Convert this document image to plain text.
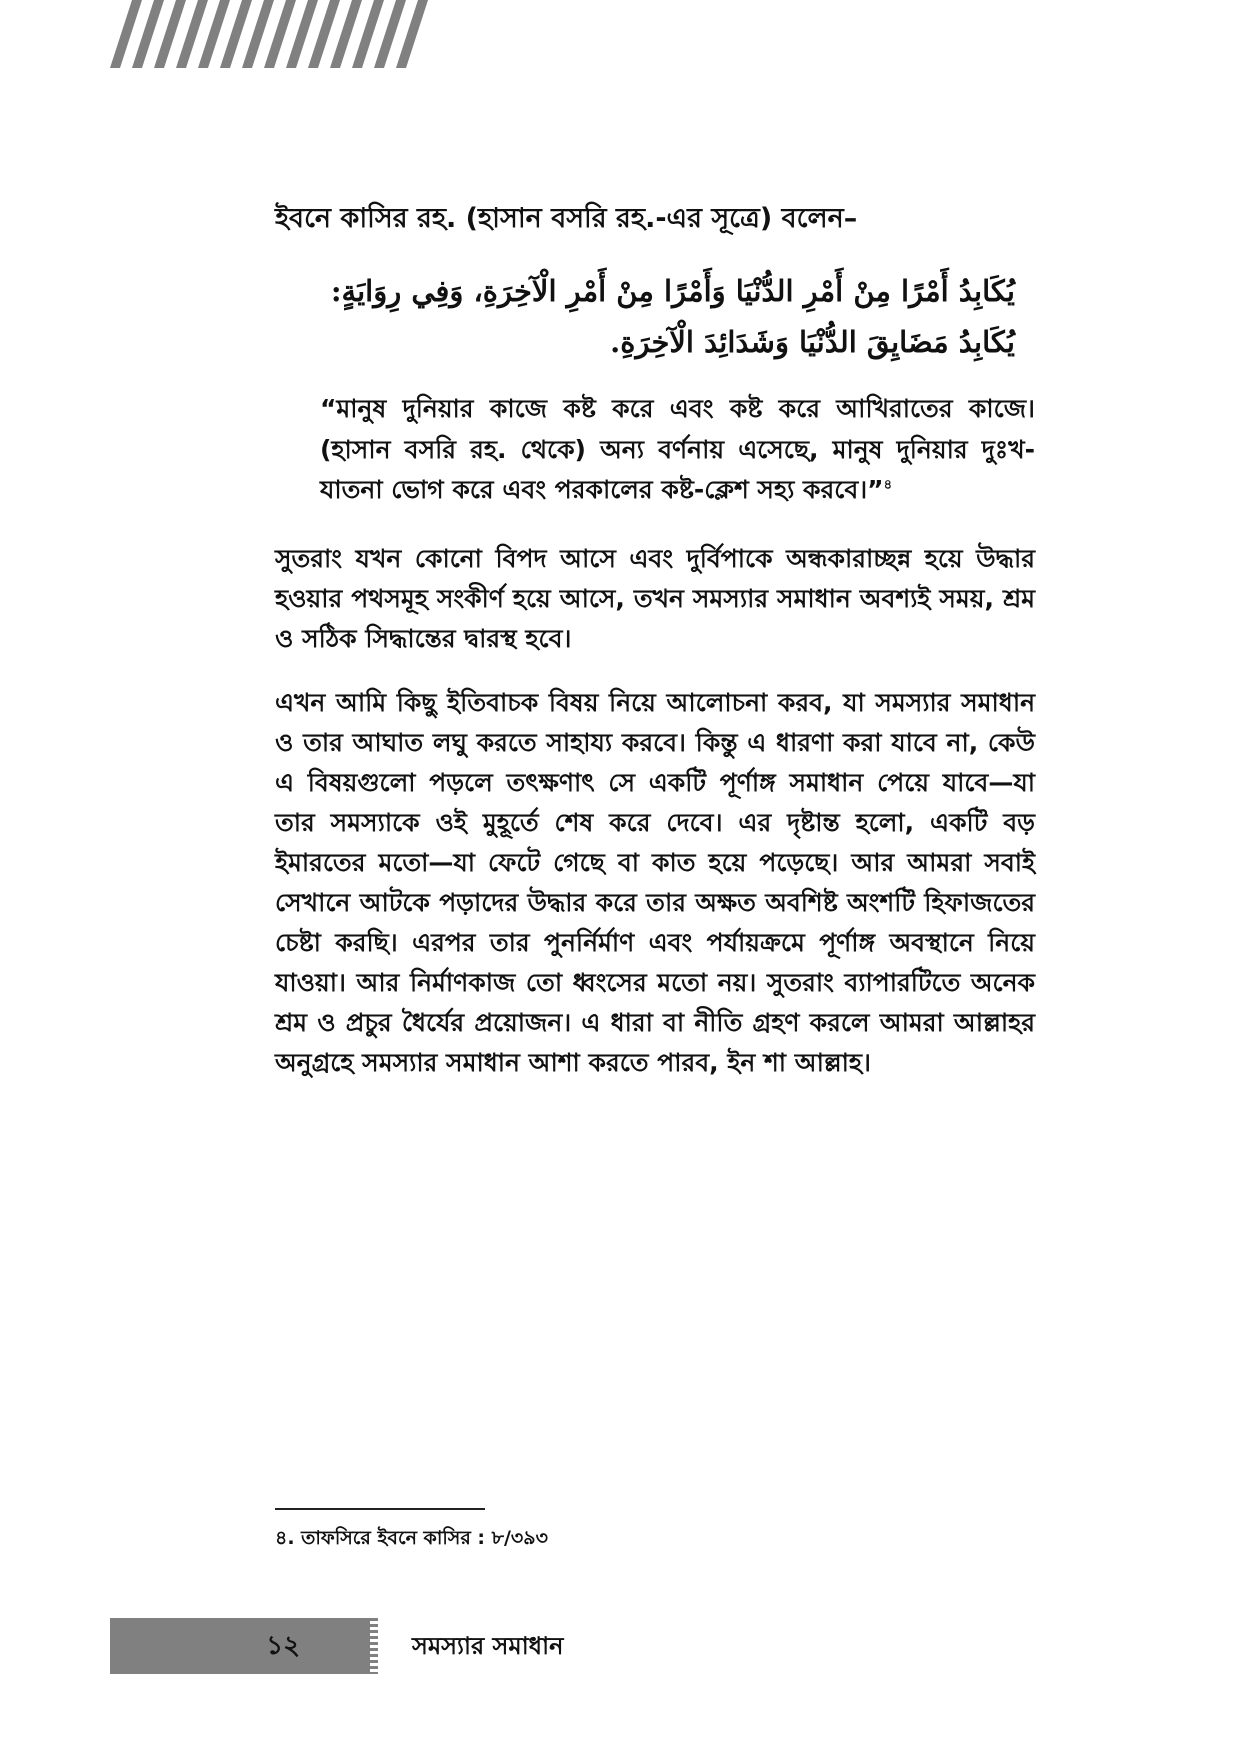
ইবনে কাসির রহ. (হাসান বসরি রহ.-এর সূত্রে) বলেন–

يُكَابِدُ أَمْرًا مِنْ أَمْرِ الدُّنْيَا وَأَمْرًا مِنْ أَمْرِ الْآخِرَةِ، وَفِي رِوَايَةٍ:
يُكَابِدُ مَضَايِقَ الدُّنْيَا وَشَدَائِدَ الْآخِرَةِ.

“মানুষ দুনিয়ার কাজে কষ্ট করে এবং কষ্ট করে আখিরাতের কাজে। (হাসান বসরি রহ. থেকে) অন্য বর্ণনায় এসেছে, মানুষ দুনিয়ার দুঃখ-যাতনা ভোগ করে এবং পরকালের কষ্ট-ক্লেশ সহ্য করবে।”$^৪$

সুতরাং যখন কোনো বিপদ আসে এবং দুর্বিপাকে অন্ধকারাচ্ছন্ন হয়ে উদ্ধার হওয়ার পথসমূহ সংকীর্ণ হয়ে আসে, তখন সমস্যার সমাধান অবশ্যই সময়, শ্রম ও সঠিক সিদ্ধান্তের দ্বারস্থ হবে।

এখন আমি কিছু ইতিবাচক বিষয় নিয়ে আলোচনা করব, যা সমস্যার সমাধান ও তার আঘাত লঘু করতে সাহায্য করবে। কিন্তু এ ধারণা করা যাবে না, কেউ এ বিষয়গুলো পড়লে তৎক্ষণাৎ সে একটি পূর্ণাঙ্গ সমাধান পেয়ে যাবে—যা তার সমস্যাকে ওই মুহূর্তে শেষ করে দেবে। এর দৃষ্টান্ত হলো, একটি বড় ইমারতের মতো—যা ফেটে গেছে বা কাত হয়ে পড়েছে। আর আমরা সবাই সেখানে আটকে পড়াদের উদ্ধার করে তার অক্ষত অবশিষ্ট অংশটি হিফাজতের চেষ্টা করছি। এরপর তার পুনর্নির্মাণ এবং পর্যায়ক্রমে পূর্ণাঙ্গ অবস্থানে নিয়ে যাওয়া। আর নির্মাণকাজ তো ধ্বংসের মতো নয়। সুতরাং ব্যাপারটিতে অনেক শ্রম ও প্রচুর ধৈর্যের প্রয়োজন। এ ধারা বা নীতি গ্রহণ করলে আমরা আল্লাহর অনুগ্রহে সমস্যার সমাধান আশা করতে পারব, ইন শা আল্লাহ।

৪. তাফসিরে ইবনে কাসির : ৮/৩৯৩
১২	সমস্যার সমাধান
